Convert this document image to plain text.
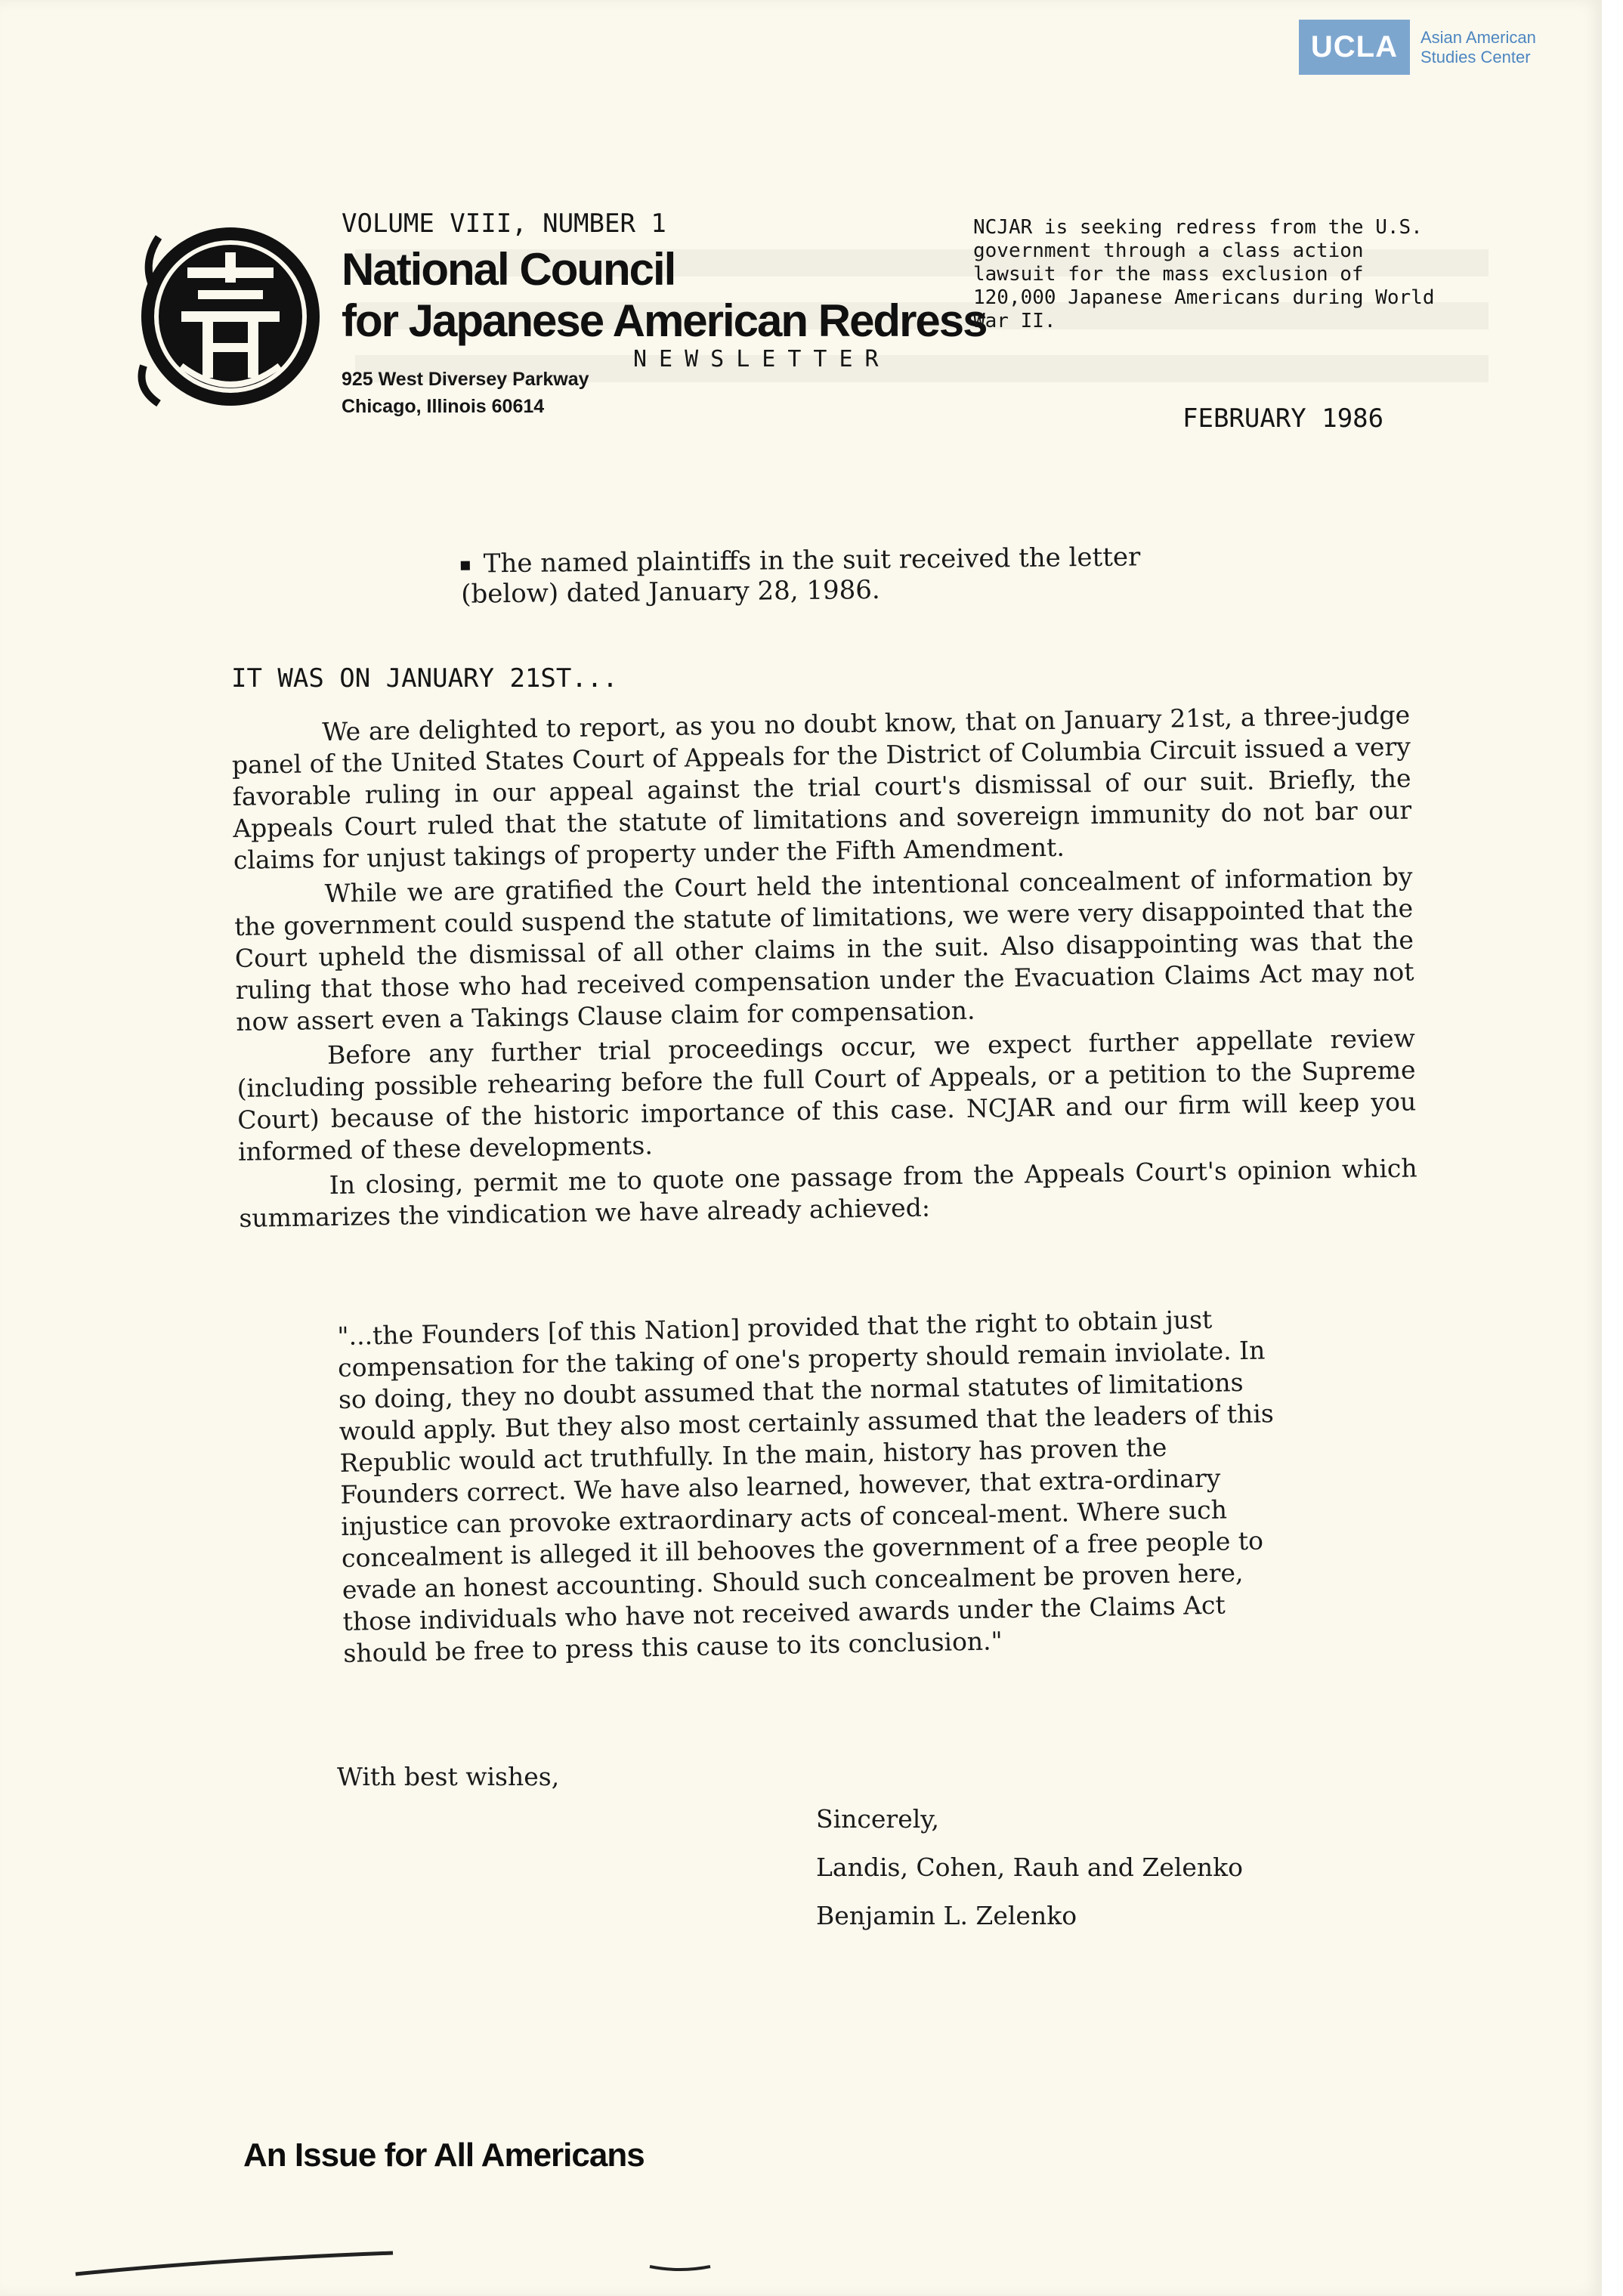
UCLA	Asian American Studies Center
VOLUME VIII, NUMBER 1
National Council
for Japanese American Redress
NEWSLETTER
925 West Diversey Parkway
Chicago, Illinois 60614
NCJAR is seeking redress from the U.S. government through a class action lawsuit for the mass exclusion of 120,000 Japanese Americans during World War II.
FEBRUARY 1986
The named plaintiffs in the suit received the letter (below) dated January 28, 1986.
IT WAS ON JANUARY 21ST...

We are delighted to report, as you no doubt know, that on January 21st, a three-judge panel of the United States Court of Appeals for the District of Columbia Circuit issued a very favorable ruling in our appeal against the trial court's dismissal of our suit. Briefly, the Appeals Court ruled that the statute of limitations and sovereign immunity do not bar our claims for unjust takings of property under the Fifth Amendment.

While we are gratified the Court held the intentional concealment of information by the government could suspend the statute of limitations, we were very disappointed that the Court upheld the dismissal of all other claims in the suit. Also disappointing was that the ruling that those who had received compensation under the Evacuation Claims Act may not now assert even a Takings Clause claim for compensation.

Before any further trial proceedings occur, we expect further appellate review (including possible rehearing before the full Court of Appeals, or a petition to the Supreme Court) because of the historic importance of this case. NCJAR and our firm will keep you informed of these developments.

In closing, permit me to quote one passage from the Appeals Court's opinion which summarizes the vindication we have already achieved:

"...the Founders [of this Nation] provided that the right to obtain just compensation for the taking of one's property should remain inviolate. In so doing, they no doubt assumed that the normal statutes of limitations would apply. But they also most certainly assumed that the leaders of this Republic would act truthfully. In the main, history has proven the Founders correct. We have also learned, however, that extra-ordinary injustice can provoke extraordinary acts of conceal-ment. Where such concealment is alleged it ill behooves the government of a free people to evade an honest accounting. Should such concealment be proven here, those individuals who have not received awards under the Claims Act should be free to press this cause to its conclusion."
With best wishes,
Sincerely,
Landis, Cohen, Rauh and Zelenko
Benjamin L. Zelenko
An Issue for All Americans
